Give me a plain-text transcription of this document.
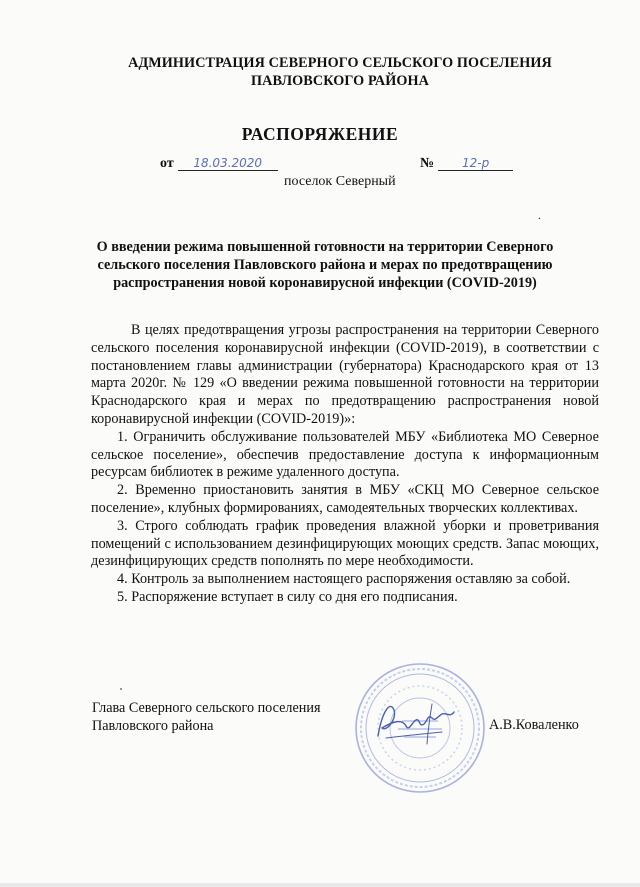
АДМИНИСТРАЦИЯ СЕВЕРНОГО СЕЛЬСКОГО ПОСЕЛЕНИЯ
ПАВЛОВСКОГО РАЙОНА
РАСПОРЯЖЕНИЕ
от 18.03.2020	№ 12-р
поселок Северный
.
О введении режима повышенной готовности на территории Северного
сельского поселения Павловского района и мерах по предотвращению
распространения новой коронавирусной инфекции (COVID-2019)

В целях предотвращения угрозы распространения на территории Северного сельского поселения коронавирусной инфекции (COVID-2019), в соответствии с постановлением главы администрации (губернатора) Краснодарского края от 13 марта 2020г. № 129 «О введении режима повышенной готовности на территории Краснодарского края и мерах по предотвращению распространения новой коронавирусной инфекции (COVID-2019)»:

1. Ограничить обслуживание пользователей МБУ «Библиотека МО Северное сельское поселение», обеспечив предоставление доступа к информационным ресурсам библиотек в режиме удаленного доступа.

2. Временно приостановить занятия в МБУ «СКЦ МО Северное сельское поселение», клубных формированиях, самодеятельных творческих коллективах.

3. Строго соблюдать график проведения влажной уборки и проветривания помещений с использованием дезинфицирующих моющих средств. Запас моющих, дезинфицирующих средств пополнять по мере необходимости.

4. Контроль за выполнением настоящего распоряжения оставляю за собой.

5. Распоряжение вступает в силу со дня его подписания.

Глава Северного сельского поселения
Павловского района	А.В.Коваленко
